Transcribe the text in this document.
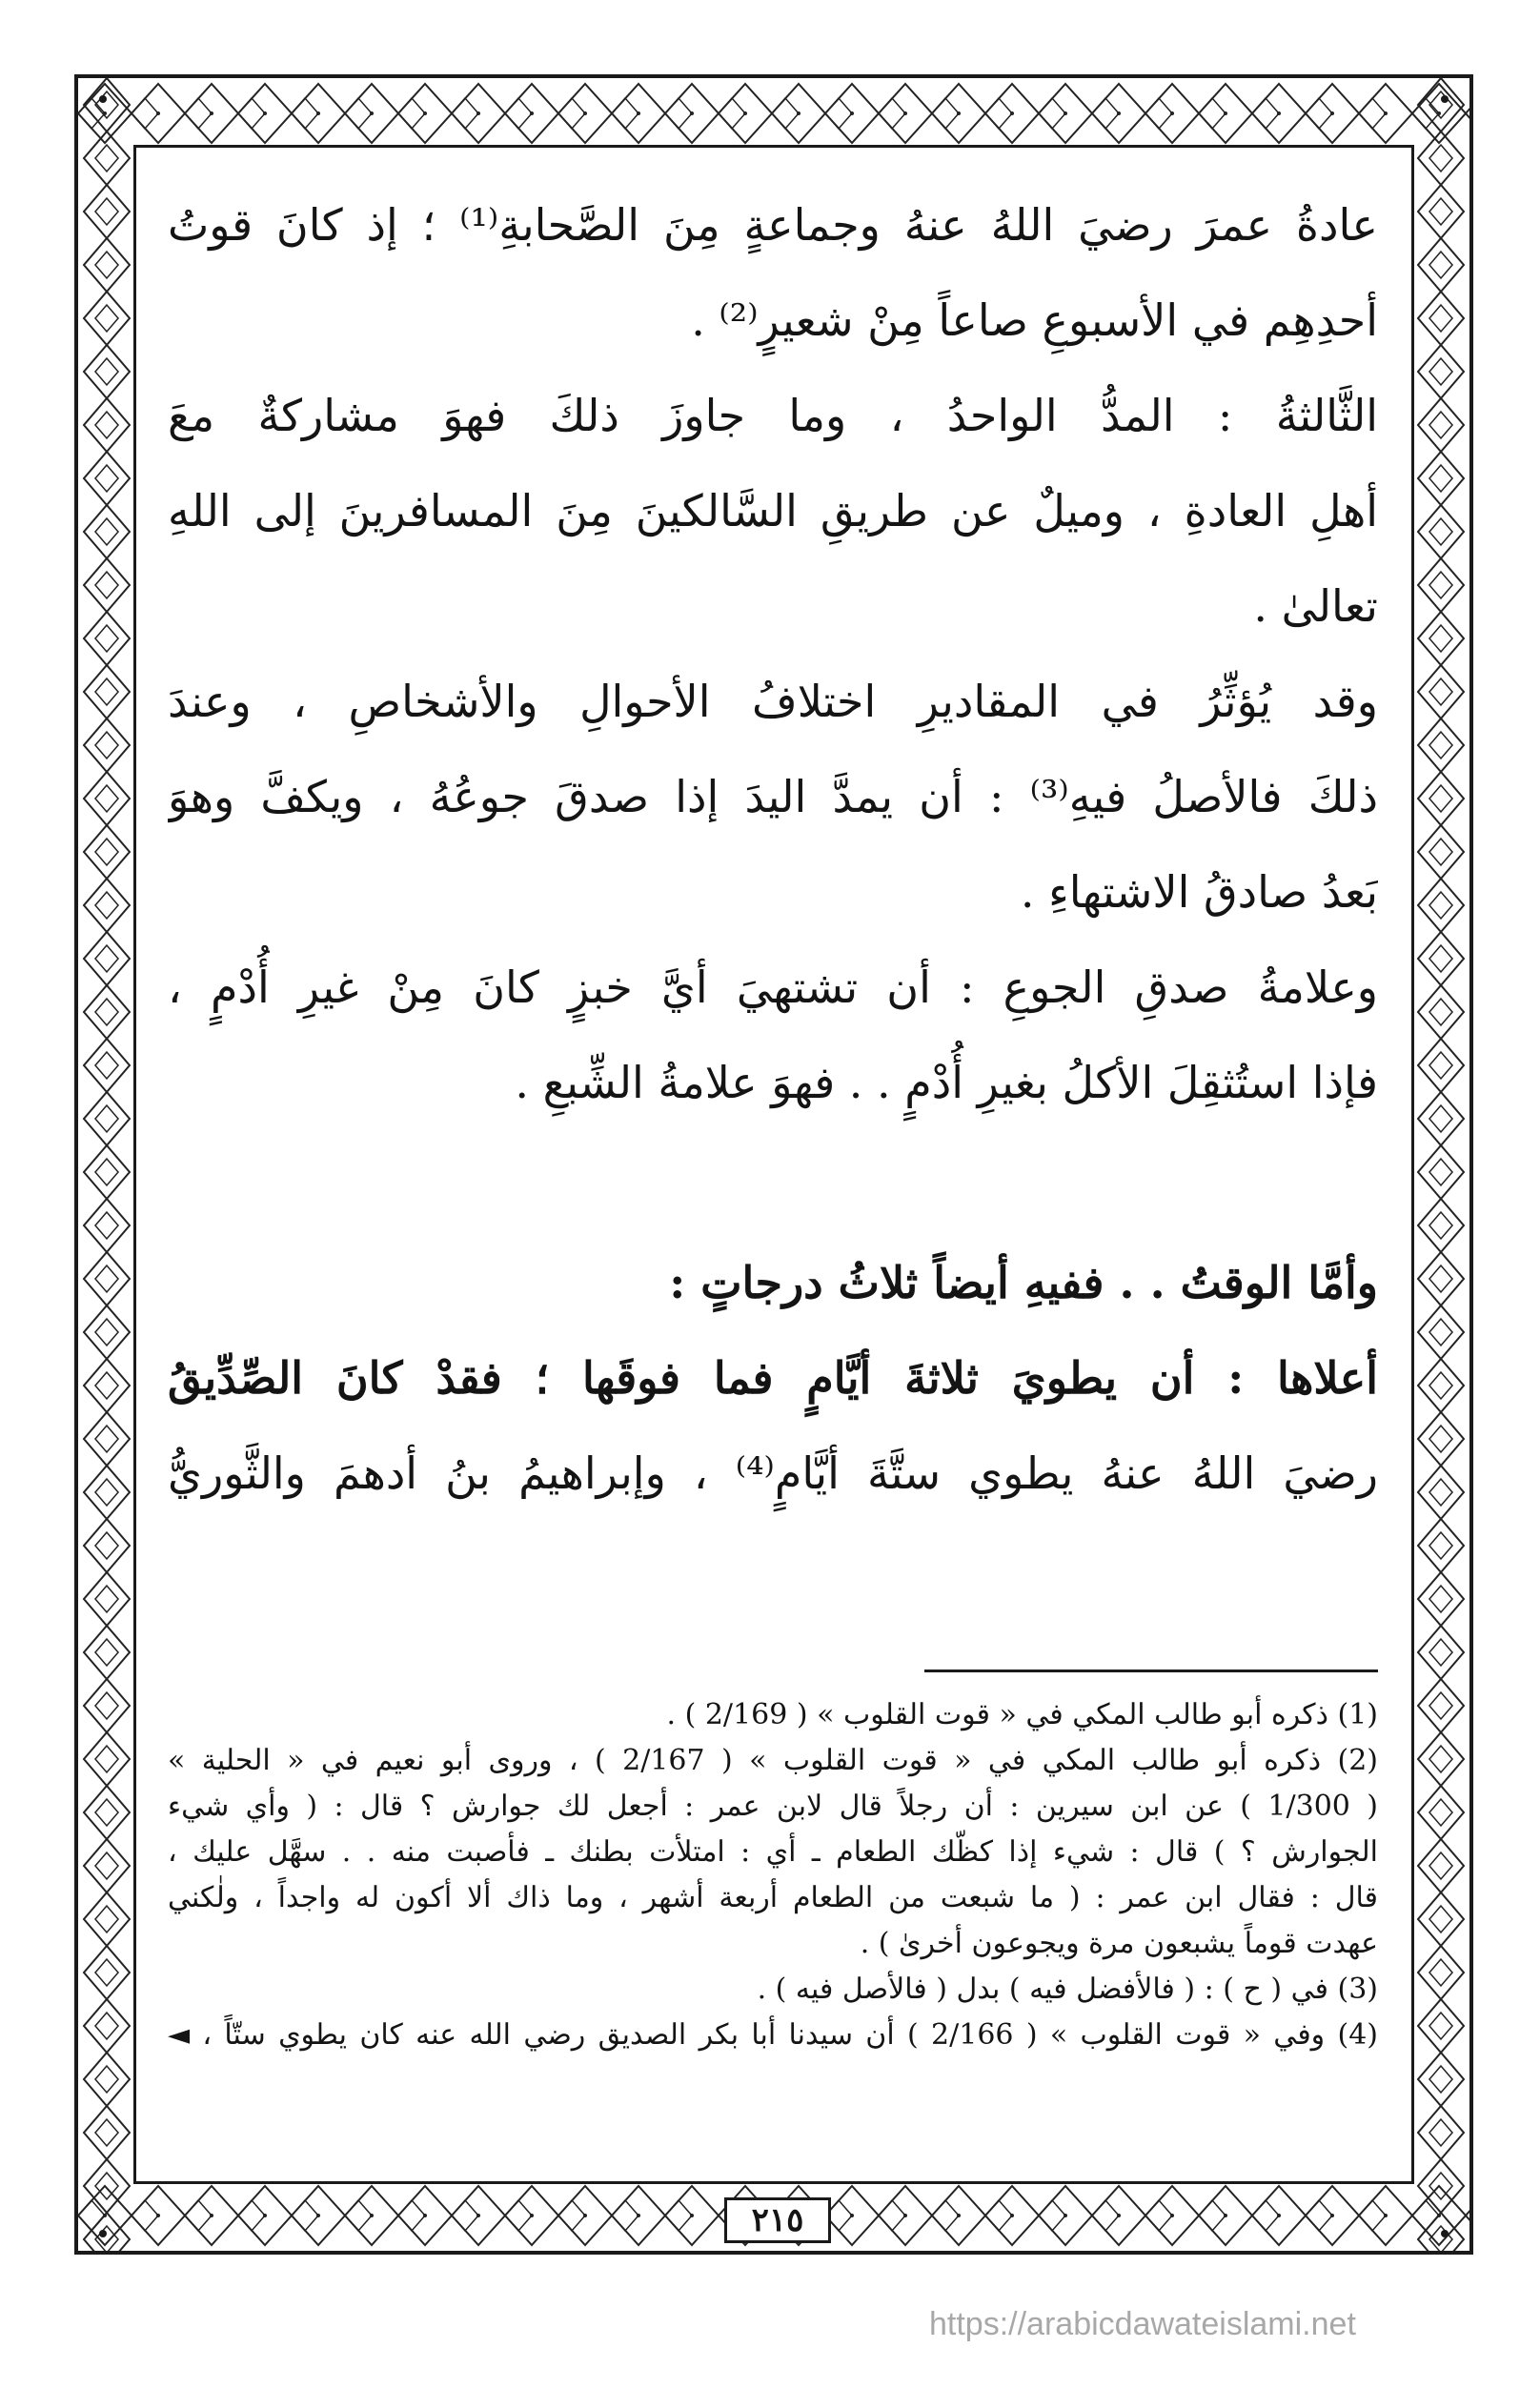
عادةُ عمرَ رضيَ اللهُ عنهُ وجماعةٍ مِنَ الصَّحابةِ⁽¹⁾ ؛ إذ كانَ قوتُ
أحدِهِم في الأسبوعِ صاعاً مِنْ شعيرٍ⁽²⁾ .
الثَّالثةُ : المدُّ الواحدُ ، وما جاوزَ ذلكَ فهوَ مشاركةٌ معَ
أهلِ العادةِ ، وميلٌ عن طريقِ السَّالكينَ مِنَ المسافرينَ إلى اللهِ
تعالىٰ .
وقد يُؤثِّرُ في المقاديرِ اختلافُ الأحوالِ والأشخاصِ ، وعندَ
ذلكَ فالأصلُ فيهِ⁽³⁾ : أن يمدَّ اليدَ إذا صدقَ جوعُهُ ، ويكفَّ وهوَ
بَعدُ صادقُ الاشتهاءِ .
وعلامةُ صدقِ الجوعِ : أن تشتهيَ أيَّ خبزٍ كانَ مِنْ غيرِ أُدْمٍ ،
فإذا استُثقِلَ الأكلُ بغيرِ أُدْمٍ . . فهوَ علامةُ الشِّبعِ .
وأمَّا الوقتُ . . ففيهِ أيضاً ثلاثُ درجاتٍ :
أعلاها : أن يطويَ ثلاثةَ أيَّامٍ فما فوقَها ؛ فقدْ كانَ الصِّدِّيقُ
رضيَ اللهُ عنهُ يطوي ستَّةَ أيَّامٍ⁽⁴⁾ ، وإبراهيمُ بنُ أدهمَ والثَّوريُّ
(1) ذكره أبو طالب المكي في « قوت القلوب » ( 2/169 ) .
(2) ذكره أبو طالب المكي في « قوت القلوب » ( 2/167 ) ، وروى أبو نعيم في « الحلية »
( 1/300 ) عن ابن سيرين : أن رجلاً قال لابن عمر : أجعل لك جوارش ؟ قال : ( وأي شيء
الجوارش ؟ ) قال : شيء إذا كظَّك الطعام ـ أي : امتلأت بطنك ـ فأصبت منه . . سهَّل عليك ،
قال : فقال ابن عمر : ( ما شبعت من الطعام أربعة أشهر ، وما ذاك ألا أكون له واجداً ، ولٰكني
عهدت قوماً يشبعون مرة ويجوعون أخرىٰ ) .
(3) في ( ح ) : ( فالأفضل فيه ) بدل ( فالأصل فيه ) .
(4) وفي « قوت القلوب » ( 2/166 ) أن سيدنا أبا بكر الصديق رضي الله عنه كان يطوي ستّاً ، ◄
٢١٥
https://arabicdawateislami.net
